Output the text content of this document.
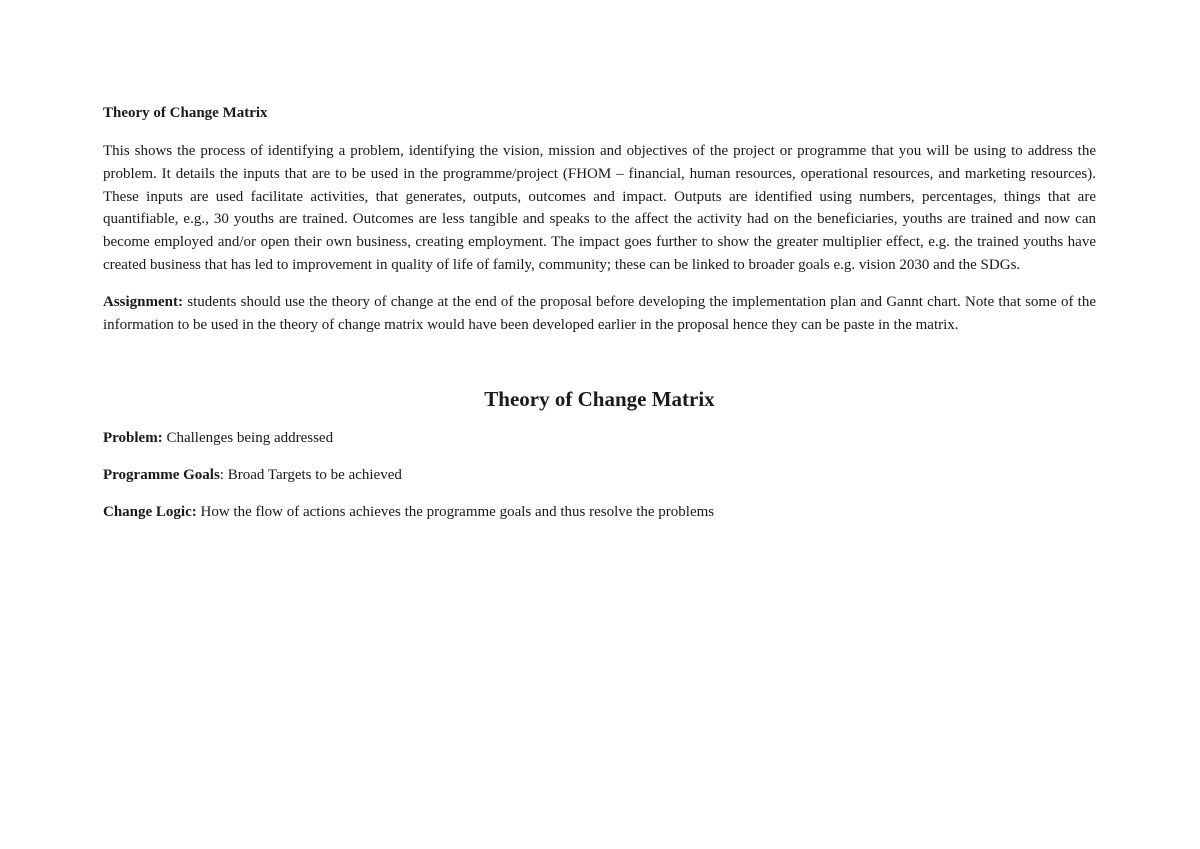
Theory of Change Matrix

This shows the process of identifying a problem, identifying the vision, mission and objectives of the project or programme that you will be using to address the problem. It details the inputs that are to be used in the programme/project (FHOM – financial, human resources, operational resources, and marketing resources). These inputs are used facilitate activities, that generates, outputs, outcomes and impact. Outputs are identified using numbers, percentages, things that are quantifiable, e.g., 30 youths are trained. Outcomes are less tangible and speaks to the affect the activity had on the beneficiaries, youths are trained and now can become employed and/or open their own business, creating employment. The impact goes further to show the greater multiplier effect, e.g. the trained youths have created business that has led to improvement in quality of life of family, community; these can be linked to broader goals e.g. vision 2030 and the SDGs.

Assignment: students should use the theory of change at the end of the proposal before developing the implementation plan and Gannt chart. Note that some of the information to be used in the theory of change matrix would have been developed earlier in the proposal hence they can be paste in the matrix.

Theory of Change Matrix

Problem: Challenges being addressed

Programme Goals: Broad Targets to be achieved

Change Logic: How the flow of actions achieves the programme goals and thus resolve the problems
